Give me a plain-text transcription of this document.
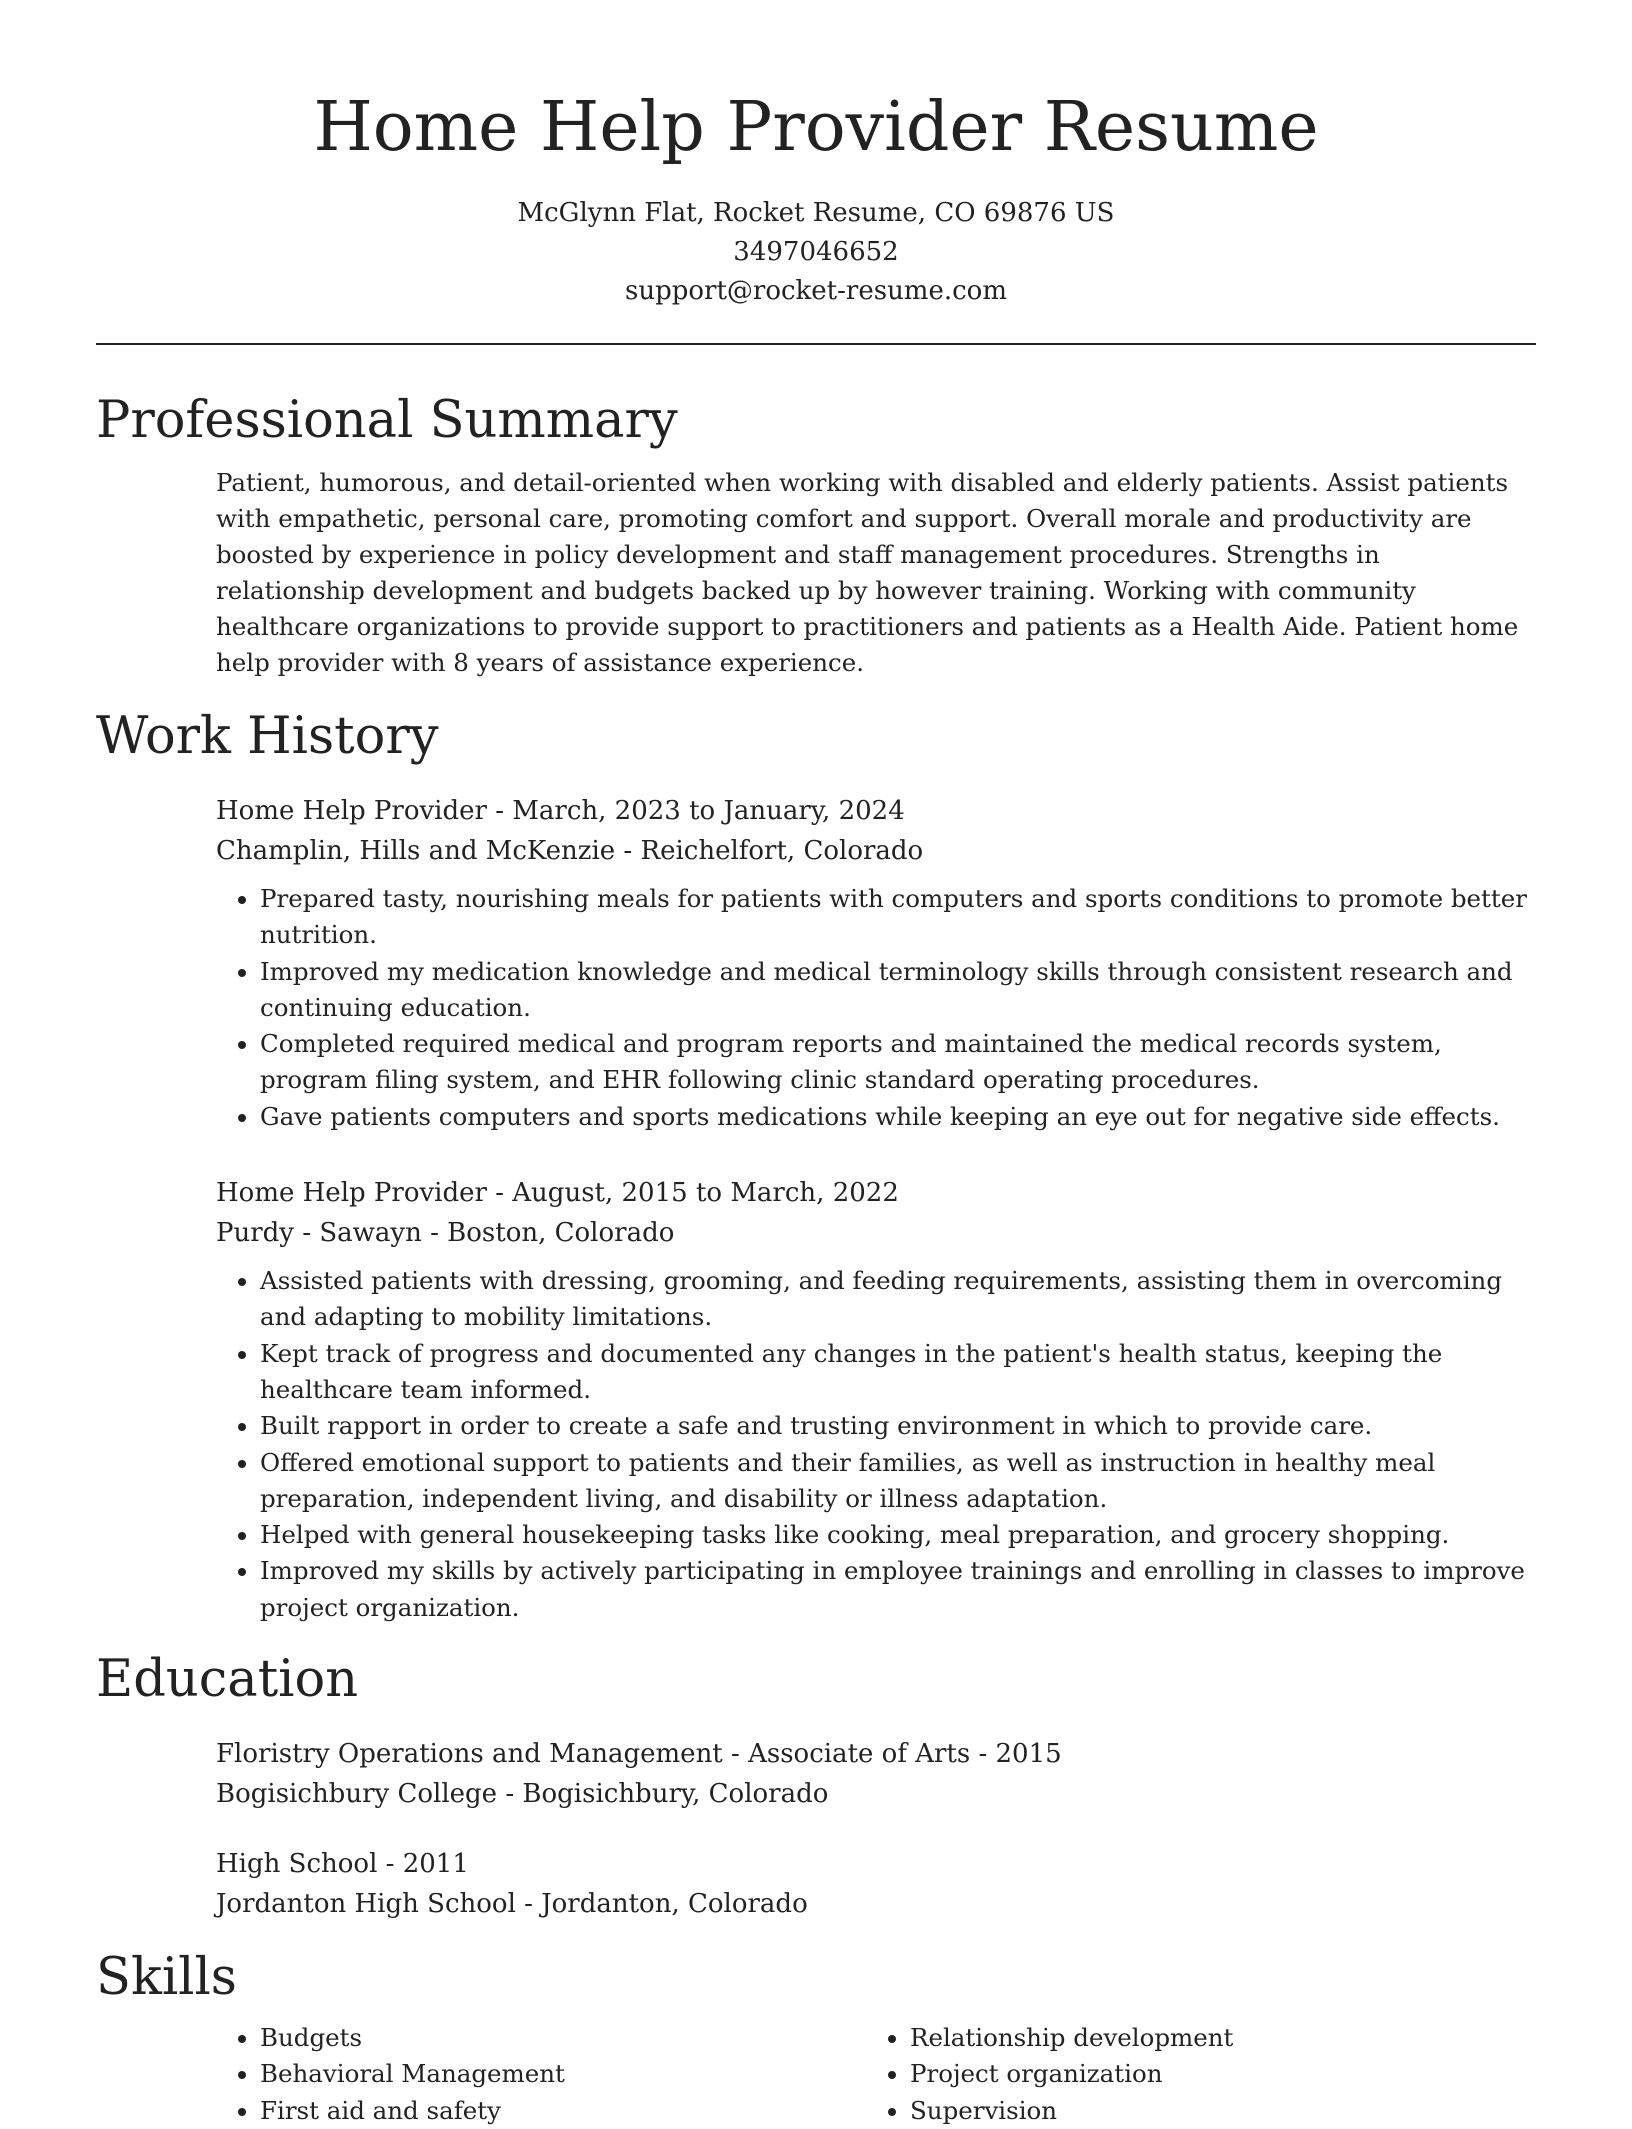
Home Help Provider Resume
McGlynn Flat, Rocket Resume, CO 69876 US
3497046652
support@rocket-resume.com
Professional Summary

Patient, humorous, and detail-oriented when working with disabled and elderly patients. Assist patients with empathetic, personal care, promoting comfort and support. Overall morale and productivity are boosted by experience in policy development and staff management procedures. Strengths in relationship development and budgets backed up by however training. Working with community healthcare organizations to provide support to practitioners and patients as a Health Aide. Patient home help provider with 8 years of assistance experience.

Work History
Home Help Provider - March, 2023 to January, 2024
Champlin, Hills and McKenzie - Reichelfort, Colorado
• Prepared tasty, nourishing meals for patients with computers and sports conditions to promote better nutrition.
• Improved my medication knowledge and medical terminology skills through consistent research and continuing education.
• Completed required medical and program reports and maintained the medical records system, program filing system, and EHR following clinic standard operating procedures.
• Gave patients computers and sports medications while keeping an eye out for negative side effects.
Home Help Provider - August, 2015 to March, 2022
Purdy - Sawayn - Boston, Colorado
• Assisted patients with dressing, grooming, and feeding requirements, assisting them in overcoming and adapting to mobility limitations.
• Kept track of progress and documented any changes in the patient's health status, keeping the healthcare team informed.
• Built rapport in order to create a safe and trusting environment in which to provide care.
• Offered emotional support to patients and their families, as well as instruction in healthy meal preparation, independent living, and disability or illness adaptation.
• Helped with general housekeeping tasks like cooking, meal preparation, and grocery shopping.
• Improved my skills by actively participating in employee trainings and enrolling in classes to improve project organization.
Education
Floristry Operations and Management - Associate of Arts - 2015
Bogisichbury College - Bogisichbury, Colorado
High School - 2011
Jordanton High School - Jordanton, Colorado
Skills
• Budgets
• Behavioral Management
• First aid and safety
• Relationship development
• Project organization
• Supervision
